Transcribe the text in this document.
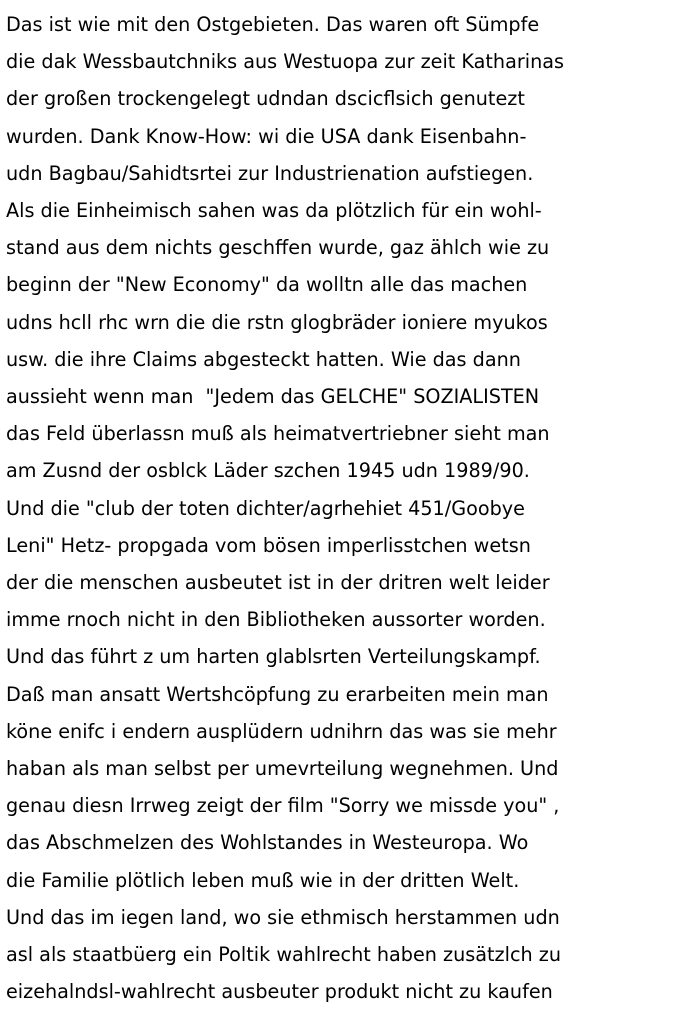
Das ist wie mit den Ostgebieten. Das waren oft Sümpfe
die dak Wessbautchniks aus Westuopa zur zeit Katharinas
der großen trockengelegt udndan dscicflsich genutezt
wurden. Dank Know-How: wi die USA dank Eisenbahn-
udn Bagbau/Sahidtsrtei zur Industrienation aufstiegen.
Als die Einheimisch sahen was da plötzlich für ein wohl-
stand aus dem nichts geschffen wurde, gaz ählch wie zu
beginn der "New Economy" da wolltn alle das machen
udns hcll rhc wrn die die rstn glogbräder ioniere myukos
usw. die ihre Claims abgesteckt hatten. Wie das dann
aussieht wenn man  "Jedem das GELCHE" SOZIALISTEN
das Feld überlassn muß als heimatvertriebner sieht man
am Zusnd der osblck Läder szchen 1945 udn 1989/90.
Und die "club der toten dichter/agrhehiet 451/Goobye
Leni" Hetz- propgada vom bösen imperlisstchen wetsn
der die menschen ausbeutet ist in der dritren welt leider
imme rnoch nicht in den Bibliotheken aussorter worden.
Und das führt z um harten glablsrten Verteilungskampf.
Daß man ansatt Wertshcöpfung zu erarbeiten mein man
köne enifc i endern ausplüdern udnihrn das was sie mehr
haban als man selbst per umevrteilung wegnehmen. Und
genau diesn Irrweg zeigt der film "Sorry we missde you" ,
das Abschmelzen des Wohlstandes in Westeuropa. Wo
die Familie plötlich leben muß wie in der dritten Welt.
Und das im iegen land, wo sie ethmisch herstammen udn
asl als staatbüerg ein Poltik wahlrecht haben zusätzlch zu
eizehalndsl-wahlrecht ausbeuter produkt nicht zu kaufen
